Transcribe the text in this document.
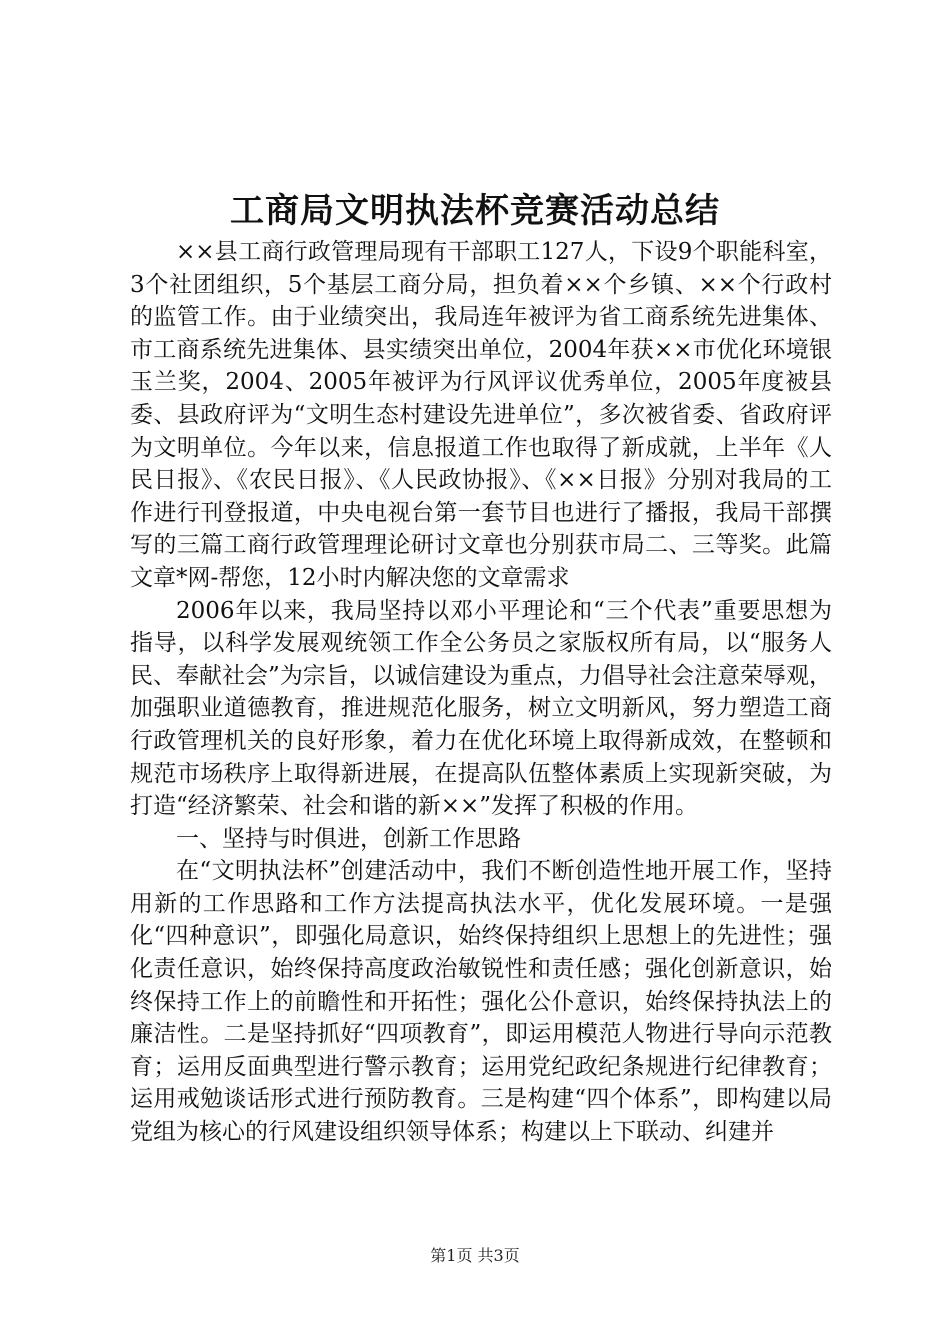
工商局文明执法杯竞赛活动总结

××县工商行政管理局现有干部职工127人，下设9个职能科室，3个社团组织，5个基层工商分局，担负着××个乡镇、××个行政村的监管工作。由于业绩突出，我局连年被评为省工商系统先进集体、市工商系统先进集体、县实绩突出单位，2004年获××市优化环境银玉兰奖，2004、2005年被评为行风评议优秀单位，2005年度被县委、县政府评为“文明生态村建设先进单位”，多次被省委、省政府评为文明单位。今年以来，信息报道工作也取得了新成就，上半年《人民日报》、《农民日报》、《人民政协报》、《××日报》分别对我局的工作进行刊登报道，中央电视台第一套节目也进行了播报，我局干部撰写的三篇工商行政管理理论研讨文章也分别获市局二、三等奖。此篇文章*网-帮您，12小时内解决您的文章需求

2006年以来，我局坚持以邓小平理论和“三个代表”重要思想为指导，以科学发展观统领工作全公务员之家版权所有局，以“服务人民、奉献社会”为宗旨，以诚信建设为重点，力倡导社会注意荣辱观，加强职业道德教育，推进规范化服务，树立文明新风，努力塑造工商行政管理机关的良好形象，着力在优化环境上取得新成效，在整顿和规范市场秩序上取得新进展，在提高队伍整体素质上实现新突破，为打造“经济繁荣、社会和谐的新××”发挥了积极的作用。

一、坚持与时俱进，创新工作思路

在“文明执法杯”创建活动中，我们不断创造性地开展工作，坚持用新的工作思路和工作方法提高执法水平，优化发展环境。一是强化“四种意识”，即强化局意识，始终保持组织上思想上的先进性；强化责任意识，始终保持高度政治敏锐性和责任感；强化创新意识，始终保持工作上的前瞻性和开拓性；强化公仆意识，始终保持执法上的廉洁性。二是坚持抓好“四项教育”，即运用模范人物进行导向示范教育；运用反面典型进行警示教育；运用党纪政纪条规进行纪律教育；运用戒勉谈话形式进行预防教育。三是构建“四个体系”，即构建以局党组为核心的行风建设组织领导体系；构建以上下联动、纠建并

第1页 共3页
